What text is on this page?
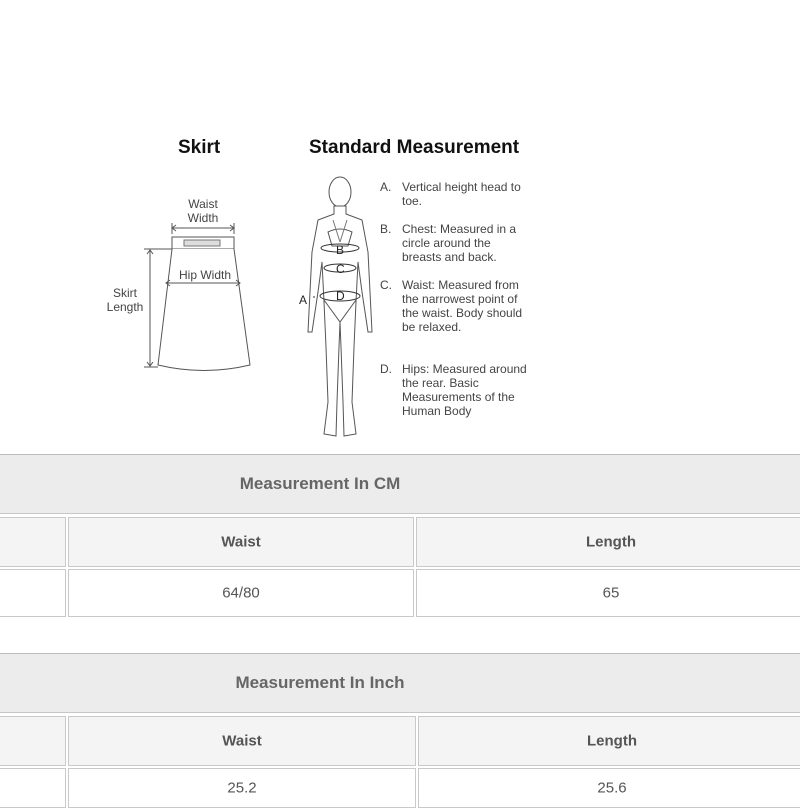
Skirt	Standard Measurement
Waist
Width
Hip Width
Skirt
Length
B
C
D
A
A. Vertical height head to toe.
B. Chest: Measured in a circle around the breasts and back.
C. Waist: Measured from the narrowest point of the waist. Body should be relaxed.
D. Hips: Measured around the rear. Basic Measurements of the Human Body
Measurement In CM
Waist	Length
64/80	65
Measurement In Inch
Waist	Length
25.2	25.6
